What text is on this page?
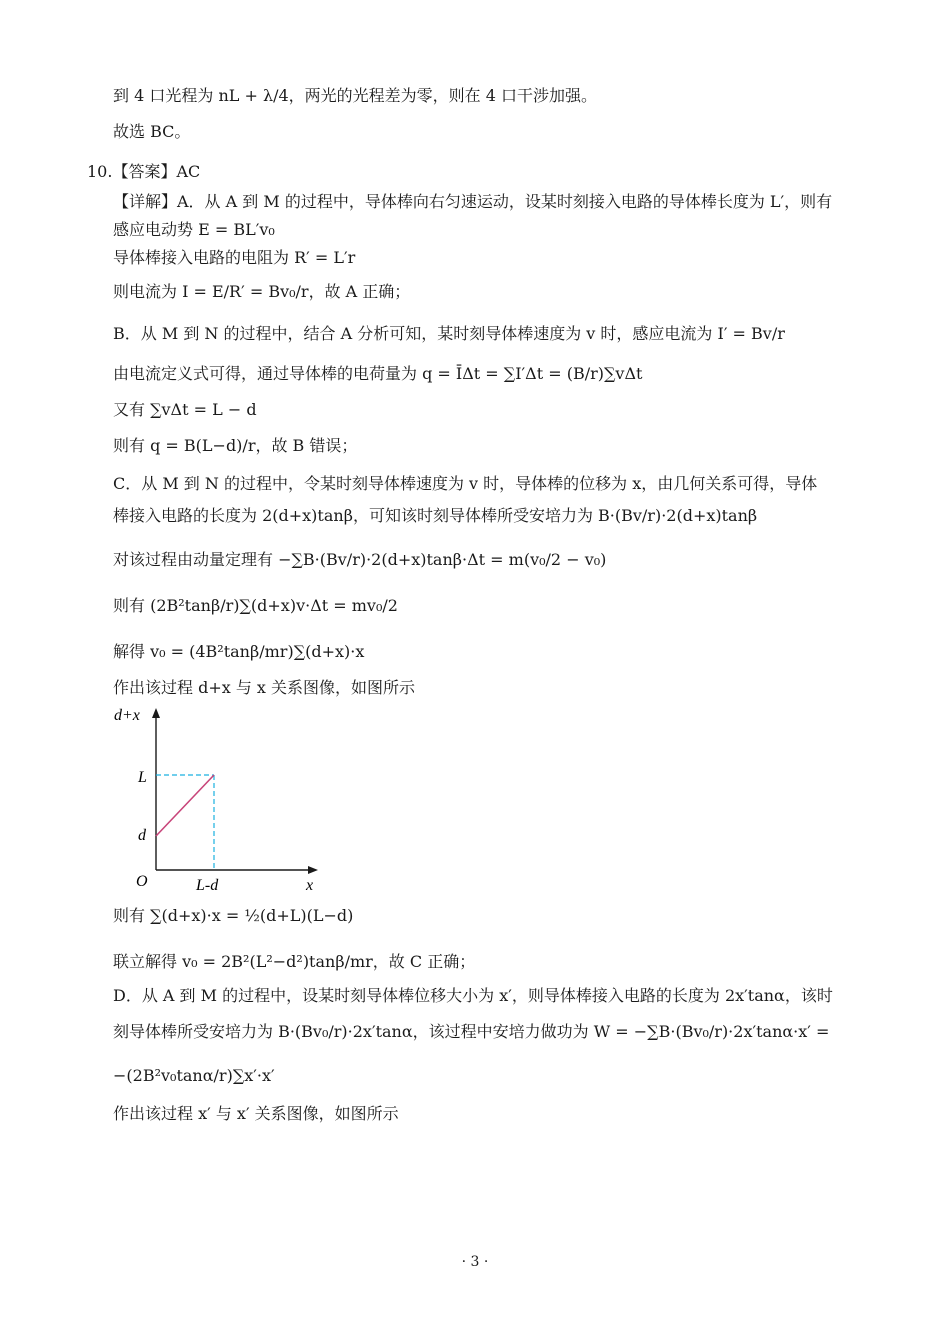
到 4 口光程为 nL + λ/4，两光的光程差为零，则在 4 口干涉加强。
故选 BC。
10.【答案】AC
【详解】A．从 A 到 M 的过程中，导体棒向右匀速运动，设某时刻接入电路的导体棒长度为 L′，则有
感应电动势 E = BL′v₀
导体棒接入电路的电阻为 R′ = L′r
则电流为 I = E/R′ = Bv₀/r，故 A 正确；
B．从 M 到 N 的过程中，结合 A 分析可知，某时刻导体棒速度为 v 时，感应电流为 I′ = Bv/r
由电流定义式可得，通过导体棒的电荷量为 q = ĪΔt = ∑I′Δt = (B/r)∑vΔt
又有 ∑vΔt = L − d
则有 q = B(L−d)/r，故 B 错误；
C．从 M 到 N 的过程中，令某时刻导体棒速度为 v 时，导体棒的位移为 x，由几何关系可得，导体
棒接入电路的长度为 2(d+x)tanβ，可知该时刻导体棒所受安培力为 B·(Bv/r)·2(d+x)tanβ
对该过程由动量定理有 −∑B·(Bv/r)·2(d+x)tanβ·Δt = m(v₀/2 − v₀)
则有 (2B²tanβ/r)∑(d+x)v·Δt = mv₀/2
解得 v₀ = (4B²tanβ/mr)∑(d+x)·x
作出该过程 d+x 与 x 关系图像，如图所示
d+x
L
d
O	L-d	x
则有 ∑(d+x)·x = ½(d+L)(L−d)
联立解得 v₀ = 2B²(L²−d²)tanβ/mr，故 C 正确；
D．从 A 到 M 的过程中，设某时刻导体棒位移大小为 x′，则导体棒接入电路的长度为 2x′tanα，该时
刻导体棒所受安培力为 B·(Bv₀/r)·2x′tanα，该过程中安培力做功为 W = −∑B·(Bv₀/r)·2x′tanα·x′ =
−(2B²v₀tanα/r)∑x′·x′
作出该过程 x′ 与 x′ 关系图像，如图所示
· 3 ·
